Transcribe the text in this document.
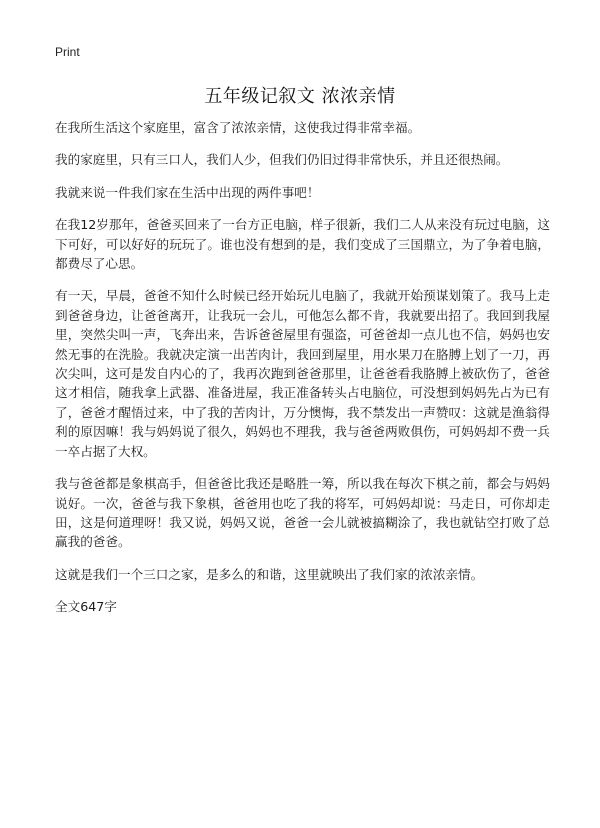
Print
五年级记叙文 浓浓亲情

在我所生活这个家庭里，富含了浓浓亲情，这使我过得非常幸福。

我的家庭里，只有三口人，我们人少，但我们仍旧过得非常快乐，并且还很热闹。

我就来说一件我们家在生活中出现的两件事吧！

在我12岁那年，爸爸买回来了一台方正电脑，样子很新，我们二人从来没有玩过电脑，这下可好，可以好好的玩玩了。谁也没有想到的是，我们变成了三国鼎立，为了争着电脑，都费尽了心思。

有一天，早晨，爸爸不知什么时候已经开始玩儿电脑了，我就开始预谋划策了。我马上走到爸爸身边，让爸爸离开，让我玩一会儿，可他怎么都不肯，我就要出招了。我回到我屋里，突然尖叫一声，飞奔出来，告诉爸爸屋里有强盗，可爸爸却一点儿也不信，妈妈也安然无事的在洗脸。我就决定演一出苦肉计，我回到屋里，用水果刀在胳膊上划了一刀，再次尖叫，这可是发自内心的了，我再次跑到爸爸那里，让爸爸看我胳膊上被砍伤了，爸爸这才相信，随我拿上武器、准备进屋，我正准备转头占电脑位，可没想到妈妈先占为已有了，爸爸才醒悟过来，中了我的苦肉计，万分懊悔，我不禁发出一声赞叹：这就是渔翁得利的原因嘛！我与妈妈说了很久，妈妈也不理我，我与爸爸两败俱伤，可妈妈却不费一兵一卒占据了大权。

我与爸爸都是象棋高手，但爸爸比我还是略胜一筹，所以我在每次下棋之前，都会与妈妈说好。一次，爸爸与我下象棋，爸爸用也吃了我的将军，可妈妈却说：马走日，可你却走田，这是何道理呀！我又说，妈妈又说，爸爸一会儿就被搞糊涂了，我也就钻空打败了总赢我的爸爸。

这就是我们一个三口之家，是多么的和谐，这里就映出了我们家的浓浓亲情。

全文647字
